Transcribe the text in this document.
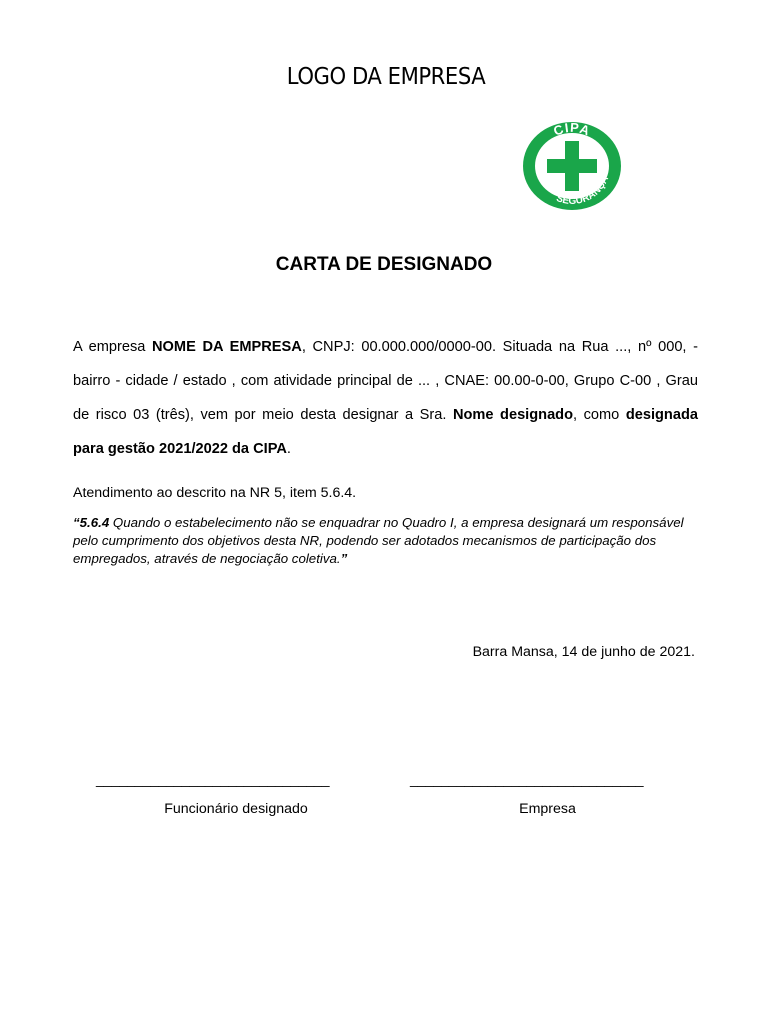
LOGO DA EMPRESA
CIPA
SEGURANÇA
CARTA DE DESIGNADO
A empresa NOME DA EMPRESA, CNPJ: 00.000.000/0000-00. Situada na Rua ..., nº 000, - bairro - cidade / estado , com atividade principal de ... , CNAE: 00.00-0-00, Grupo C-00 , Grau de risco 03 (três), vem por meio desta designar a Sra. Nome designado, como designada para gestão 2021/2022 da CIPA.
Atendimento ao descrito na NR 5, item 5.6.4.
“5.6.4 Quando o estabelecimento não se enquadrar no Quadro I, a empresa designará um responsável pelo cumprimento dos objetivos desta NR, podendo ser adotados mecanismos de participação dos empregados, através de negociação coletiva.”
Barra Mansa, 14 de junho de 2021.
______________________________	______________________________
Funcionário designado	Empresa
